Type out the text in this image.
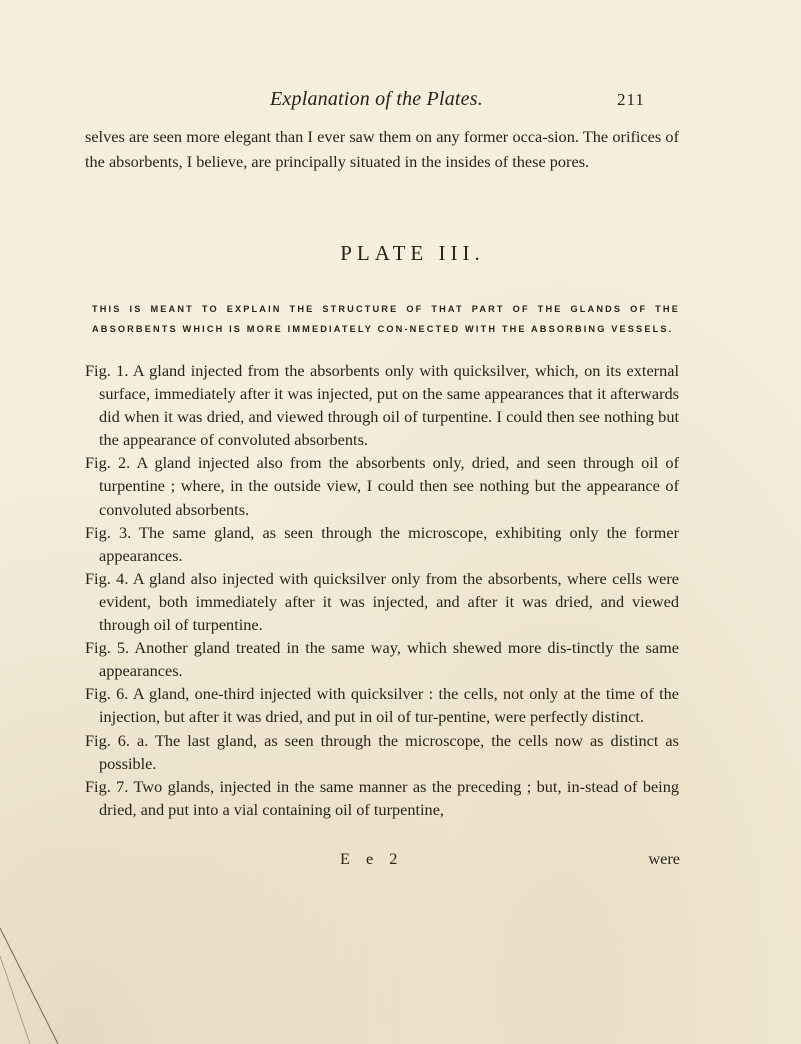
Explanation of the Plates.	211

selves are seen more elegant than I ever saw them on any former occa-sion. The orifices of the absorbents, I believe, are principally situated in the insides of these pores.

PLATE III.
THIS IS MEANT TO EXPLAIN THE STRUCTURE OF THAT PART OF THE GLANDS OF THE ABSORBENTS WHICH IS MORE IMMEDIATELY CON-NECTED WITH THE ABSORBING VESSELS.

Fig. 1. A gland injected from the absorbents only with quicksilver, which, on its external surface, immediately after it was injected, put on the same appearances that it afterwards did when it was dried, and viewed through oil of turpentine. I could then see nothing but the appearance of convoluted absorbents.

Fig. 2. A gland injected also from the absorbents only, dried, and seen through oil of turpentine ; where, in the outside view, I could then see nothing but the appearance of convoluted absorbents.

Fig. 3. The same gland, as seen through the microscope, exhibiting only the former appearances.

Fig. 4. A gland also injected with quicksilver only from the absorbents, where cells were evident, both immediately after it was injected, and after it was dried, and viewed through oil of turpentine.

Fig. 5. Another gland treated in the same way, which shewed more dis-tinctly the same appearances.

Fig. 6. A gland, one-third injected with quicksilver : the cells, not only at the time of the injection, but after it was dried, and put in oil of tur-pentine, were perfectly distinct.

Fig. 6. a. The last gland, as seen through the microscope, the cells now as distinct as possible.

Fig. 7. Two glands, injected in the same manner as the preceding ; but, in-stead of being dried, and put into a vial containing oil of turpentine,

E e 2	were
